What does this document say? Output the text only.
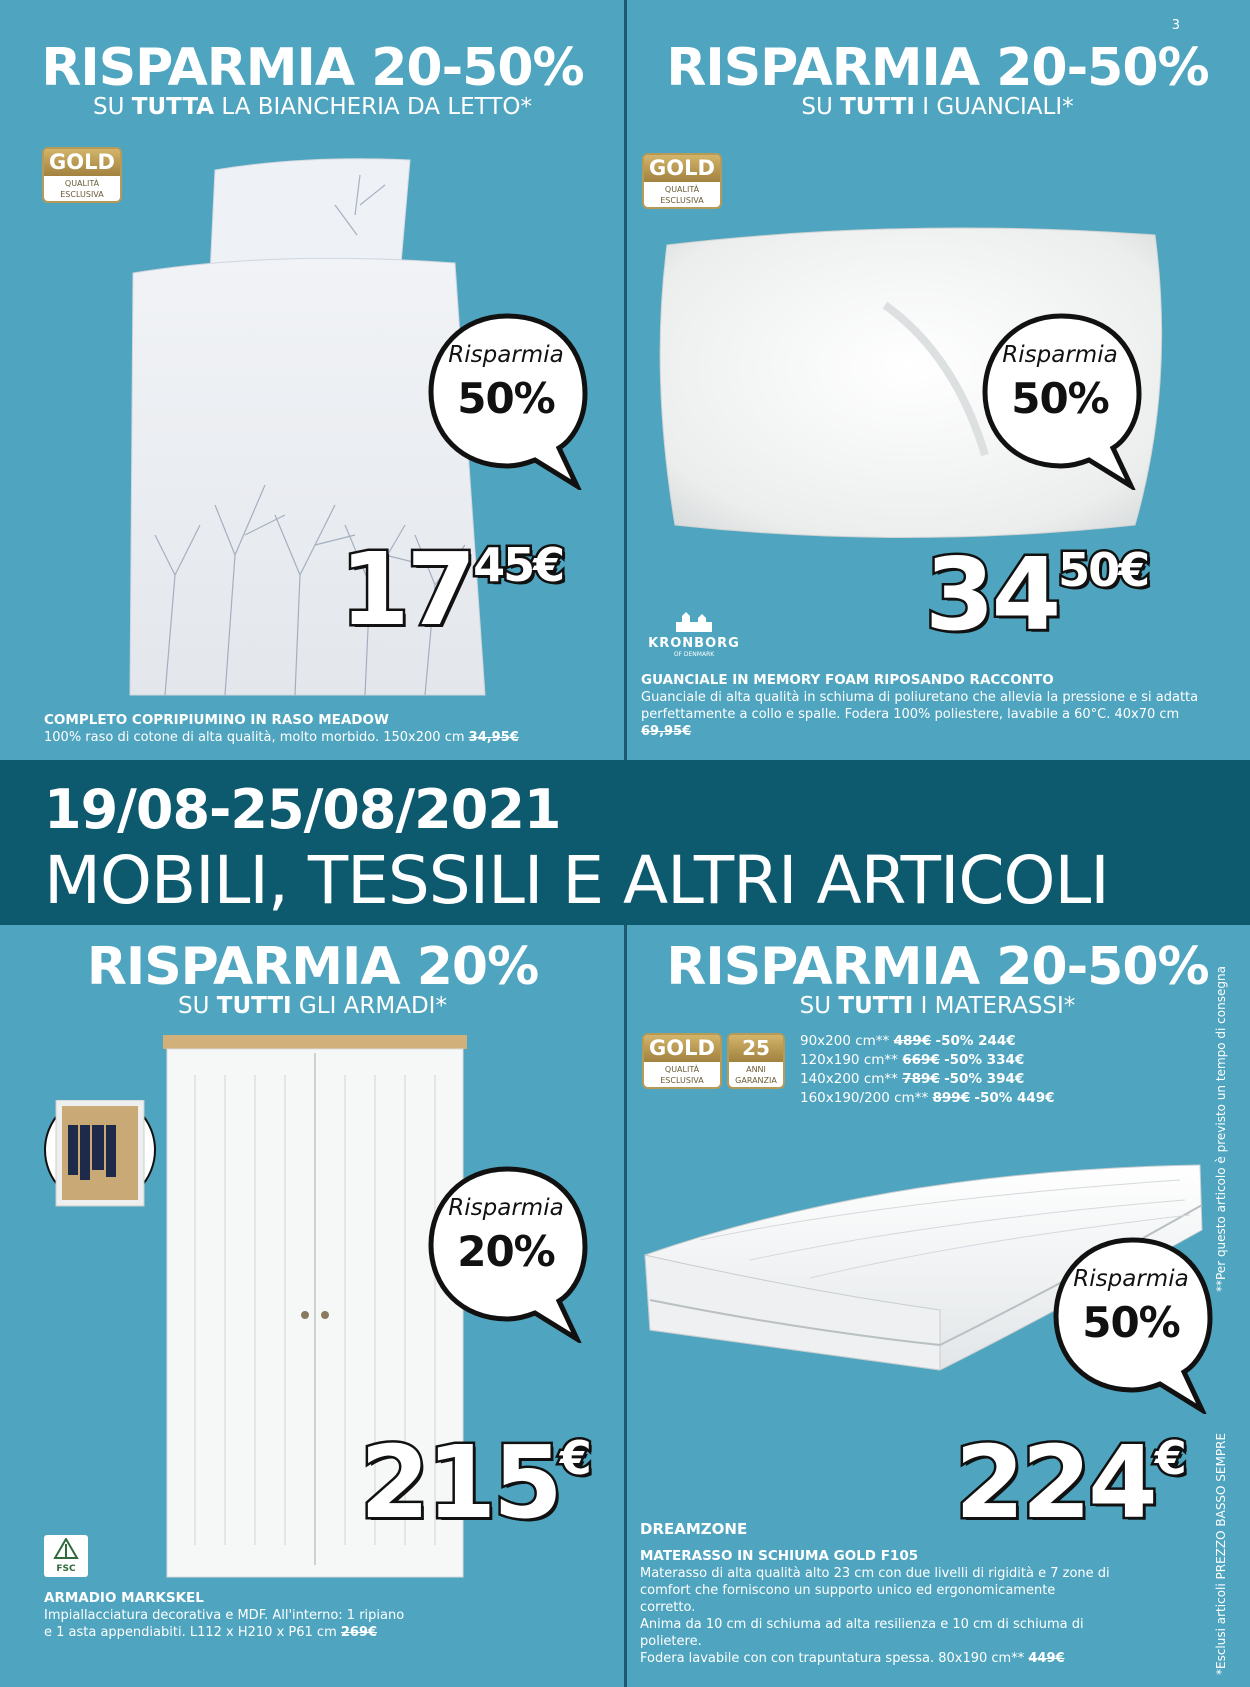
3
RISPARMIA 20-50%
SU TUTTA LA BIANCHERIA DA LETTO*
GOLD
QUALITÀ ESCLUSIVA
Risparmia
50%
1745€
COMPLETO COPRIPIUMINO IN RASO MEADOW
100% raso di cotone di alta qualità, molto morbido. 150x200 cm 34,95€
RISPARMIA 20-50%
SU TUTTI I GUANCIALI*
GOLD
QUALITÀ ESCLUSIVA
Risparmia
50%
3450€
KRONBORG
OF DENMARK
GUANCIALE IN MEMORY FOAM RIPOSANDO RACCONTO
Guanciale di alta qualità in schiuma di poliuretano che allevia la pressione e si adatta perfettamente a collo e spalle. Fodera 100% poliestere, lavabile a 60°C. 40x70 cm 69,95€
19/08-25/08/2021
MOBILI, TESSILI E ALTRI ARTICOLI
RISPARMIA 20%
SU TUTTI GLI ARMADI*
Risparmia
20%
215€
FSC
ARMADIO MARKSKEL
Impiallacciatura decorativa e MDF. All'interno: 1 ripiano
e 1 asta appendiabiti. L112 x H210 x P61 cm 269€
RISPARMIA 20-50%
SU TUTTI I MATERASSI*
GOLD
QUALITÀ ESCLUSIVA
25
ANNI GARANZIA
90x200 cm** 489€ -50% 244€
120x190 cm** 669€ -50% 334€
140x200 cm** 789€ -50% 394€
160x190/200 cm** 899€ -50% 449€
Risparmia
50%
224€
DREAMZONE
MATERASSO IN SCHIUMA GOLD F105
Materasso di alta qualità alto 23 cm con due livelli di rigidità e 7 zone di
comfort che forniscono un supporto unico ed ergonomicamente corretto.
Anima da 10 cm di schiuma ad alta resilienza e 10 cm di schiuma di polietere.
Fodera lavabile con con trapuntatura spessa. 80x190 cm** 449€
**Per questo articolo è previsto un tempo di consegna
*Esclusi articoli PREZZO BASSO SEMPRE
